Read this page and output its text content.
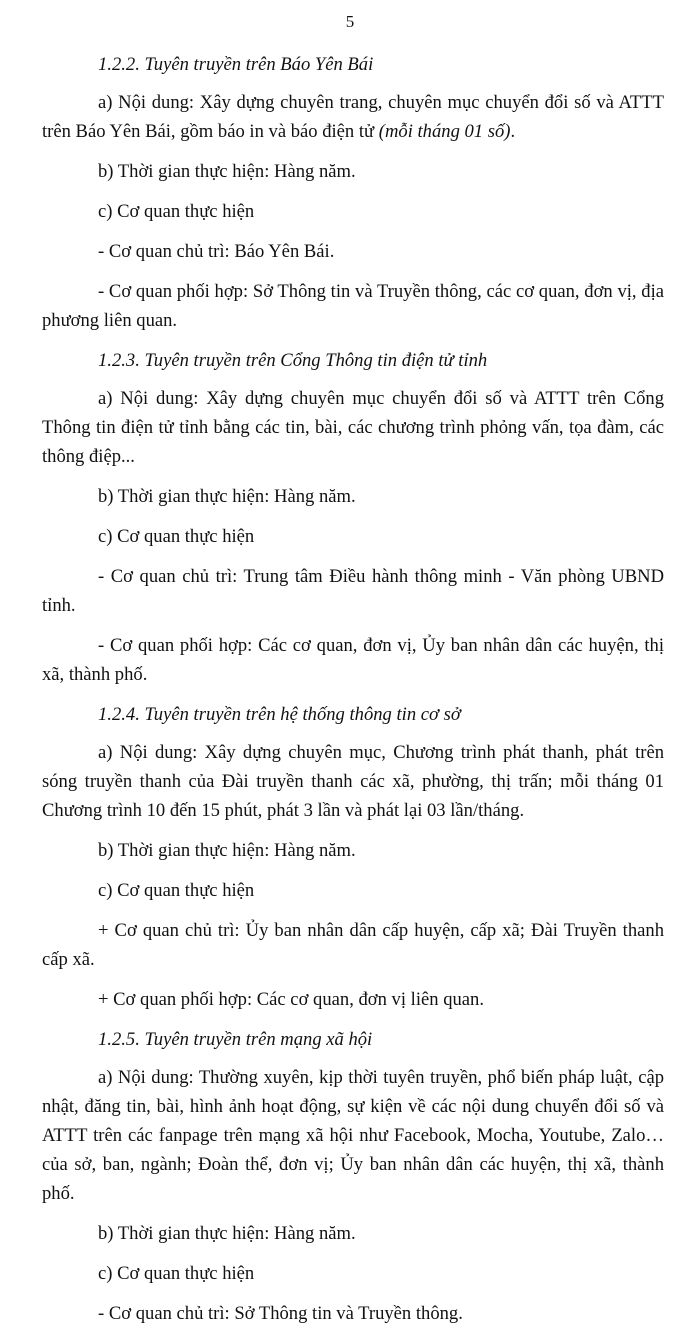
5

1.2.2. Tuyên truyền trên Báo Yên Bái

a) Nội dung: Xây dựng chuyên trang, chuyên mục chuyển đổi số và ATTT trên Báo Yên Bái, gồm báo in và báo điện tử (mỗi tháng 01 số).

b) Thời gian thực hiện: Hàng năm.

c) Cơ quan thực hiện

- Cơ quan chủ trì: Báo Yên Bái.

- Cơ quan phối hợp: Sở Thông tin và Truyền thông, các cơ quan, đơn vị, địa phương liên quan.

1.2.3. Tuyên truyền trên Cổng Thông tin điện tử tỉnh

a) Nội dung: Xây dựng chuyên mục chuyển đổi số và ATTT trên Cổng Thông tin điện tử tỉnh bằng các tin, bài, các chương trình phỏng vấn, tọa đàm, các thông điệp...

b) Thời gian thực hiện: Hàng năm.

c) Cơ quan thực hiện

- Cơ quan chủ trì: Trung tâm Điều hành thông minh - Văn phòng UBND tỉnh.

- Cơ quan phối hợp: Các cơ quan, đơn vị, Ủy ban nhân dân các huyện, thị xã, thành phố.

1.2.4. Tuyên truyền trên hệ thống thông tin cơ sở

a) Nội dung: Xây dựng chuyên mục, Chương trình phát thanh, phát trên sóng truyền thanh của Đài truyền thanh các xã, phường, thị trấn; mỗi tháng 01 Chương trình 10 đến 15 phút, phát 3 lần và phát lại 03 lần/tháng.

b) Thời gian thực hiện: Hàng năm.

c) Cơ quan thực hiện

+ Cơ quan chủ trì: Ủy ban nhân dân cấp huyện, cấp xã; Đài Truyền thanh cấp xã.

+ Cơ quan phối hợp: Các cơ quan, đơn vị liên quan.

1.2.5. Tuyên truyền trên mạng xã hội

a) Nội dung: Thường xuyên, kịp thời tuyên truyền, phổ biến pháp luật, cập nhật, đăng tin, bài, hình ảnh hoạt động, sự kiện về các nội dung chuyển đổi số và ATTT trên các fanpage trên mạng xã hội như Facebook, Mocha, Youtube, Zalo…của sở, ban, ngành; Đoàn thể, đơn vị; Ủy ban nhân dân các huyện, thị xã, thành phố.

b) Thời gian thực hiện: Hàng năm.

c) Cơ quan thực hiện

- Cơ quan chủ trì: Sở Thông tin và Truyền thông.
